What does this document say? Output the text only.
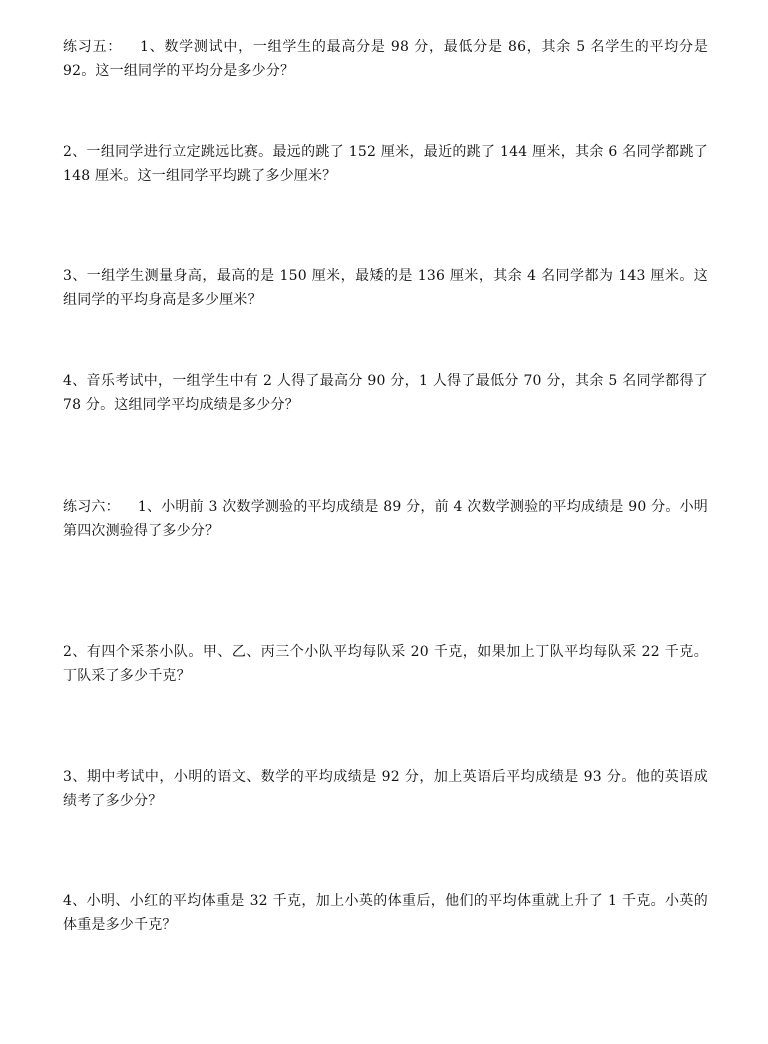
练习五： 1、数学测试中，一组学生的最高分是 98 分，最低分是 86，其余 5 名学生的平均分是 92。这一组同学的平均分是多少分？
2、一组同学进行立定跳远比赛。最远的跳了 152 厘米，最近的跳了 144 厘米，其余 6 名同学都跳了 148 厘米。这一组同学平均跳了多少厘米？
3、一组学生测量身高，最高的是 150 厘米，最矮的是 136 厘米，其余 4 名同学都为 143 厘米。这组同学的平均身高是多少厘米？
4、音乐考试中，一组学生中有 2 人得了最高分 90 分，1 人得了最低分 70 分，其余 5 名同学都得了 78 分。这组同学平均成绩是多少分？
练习六： 1、小明前 3 次数学测验的平均成绩是 89 分，前 4 次数学测验的平均成绩是 90 分。小明第四次测验得了多少分？
2、有四个采茶小队。甲、乙、丙三个小队平均每队采 20 千克，如果加上丁队平均每队采 22 千克。丁队采了多少千克？
3、期中考试中，小明的语文、数学的平均成绩是 92 分，加上英语后平均成绩是 93 分。他的英语成绩考了多少分？
4、小明、小红的平均体重是 32 千克，加上小英的体重后，他们的平均体重就上升了 1 千克。小英的体重是多少千克？
